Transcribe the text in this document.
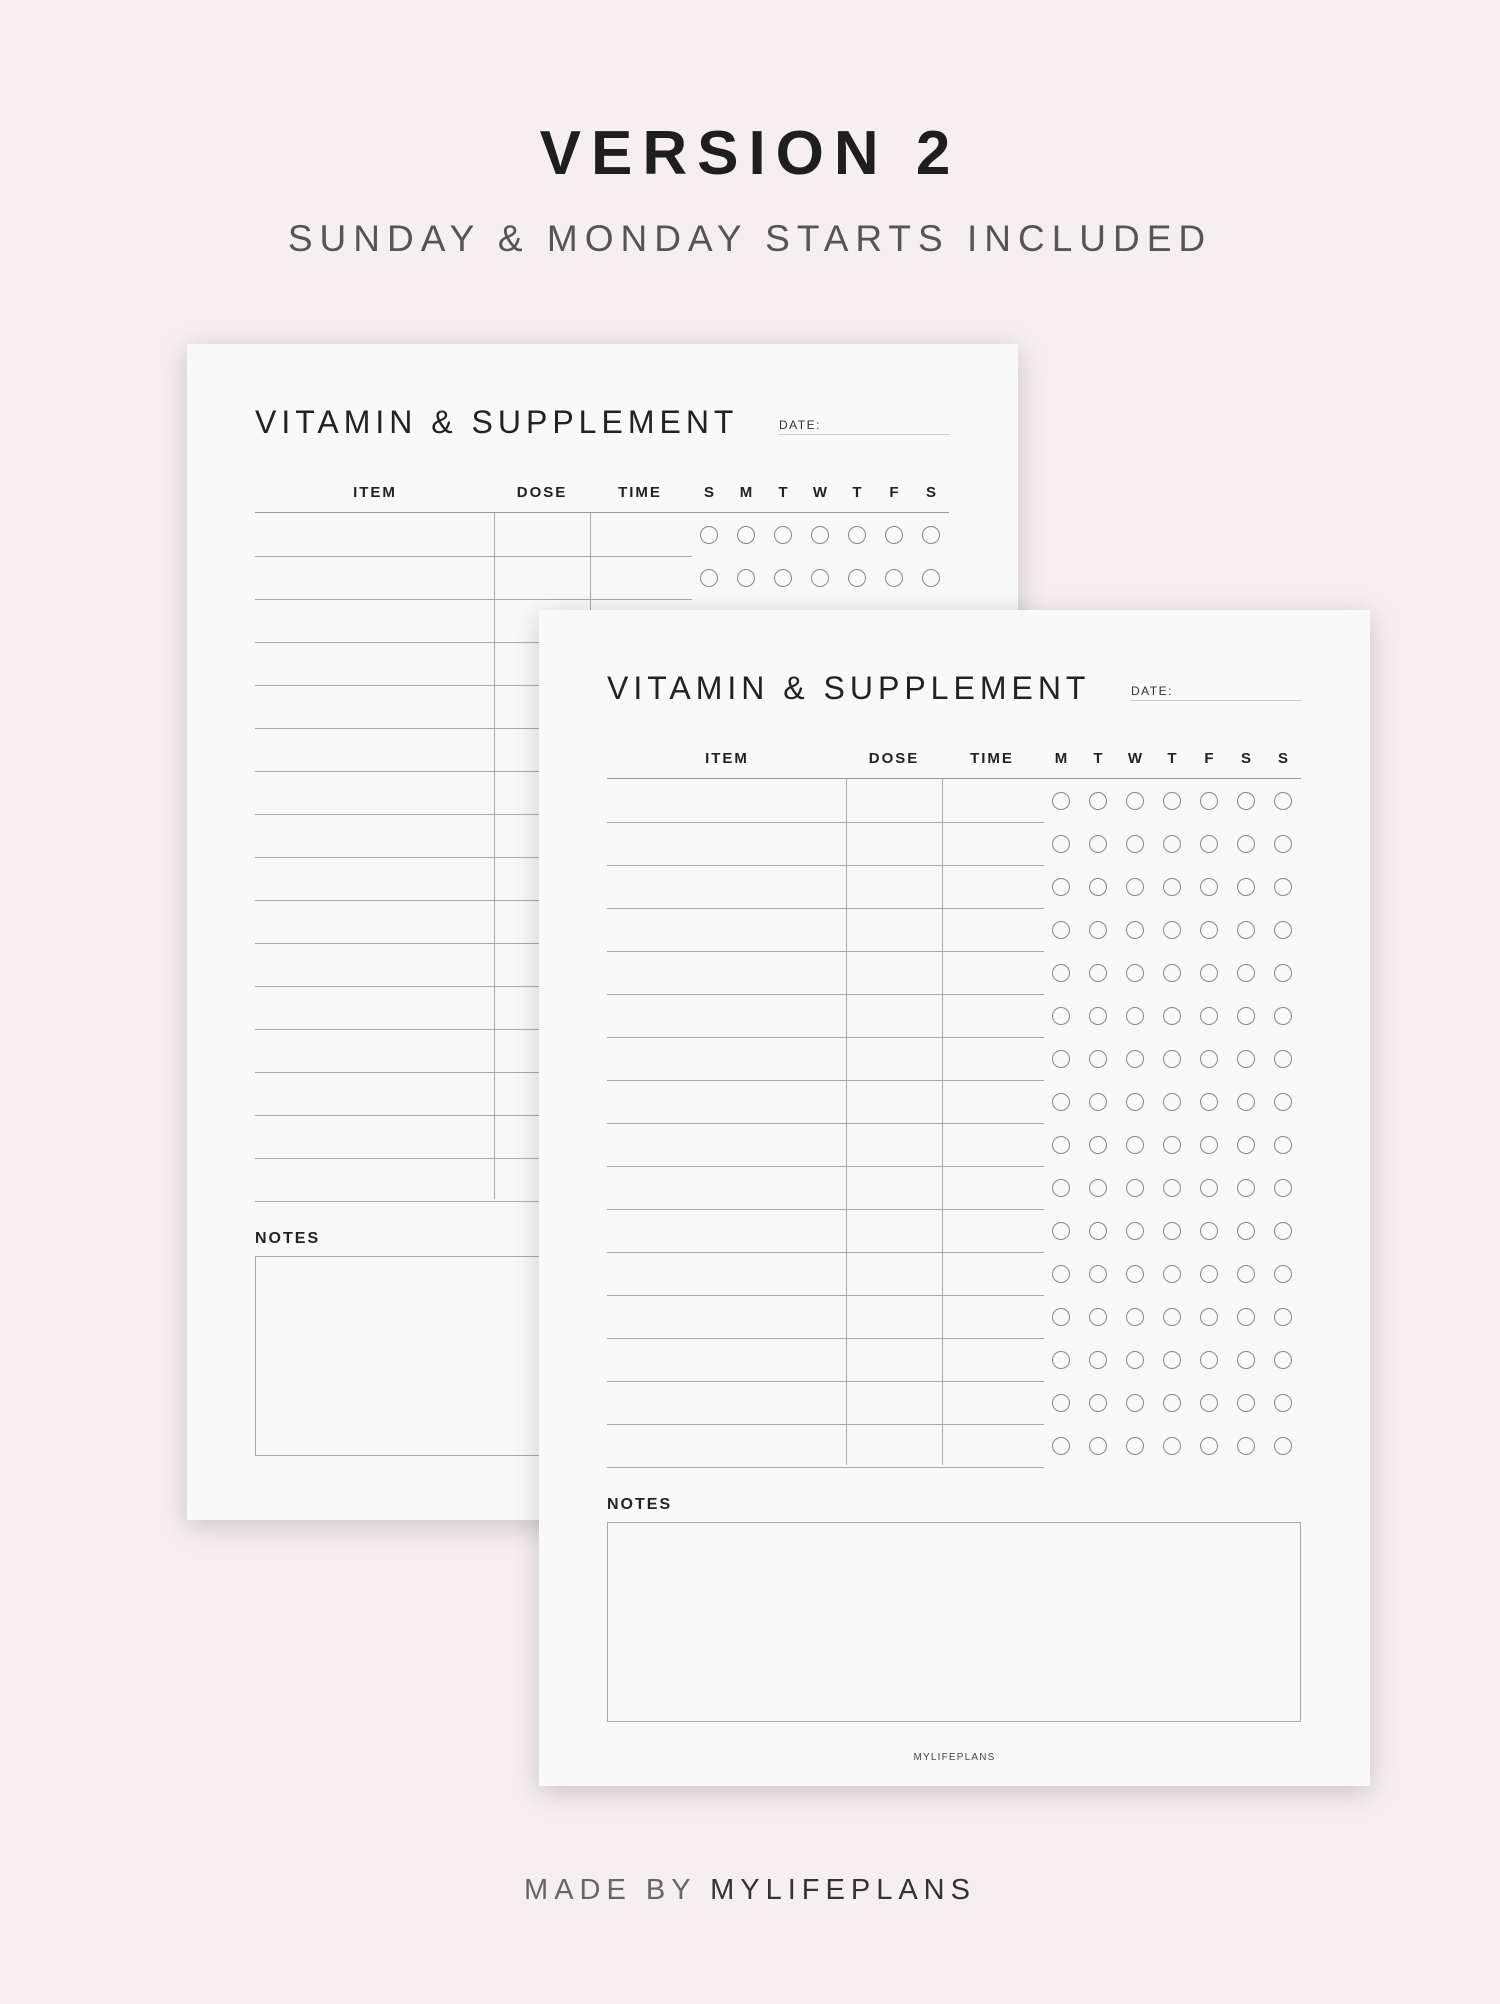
VERSION 2
SUNDAY & MONDAY STARTS INCLUDED
VITAMIN & SUPPLEMENT	DATE:
ITEM	DOSE	TIME	S	M	T	W	T	F	S
NOTES
VITAMIN & SUPPLEMENT	DATE:
ITEM	DOSE	TIME	M	T	W	T	F	S	S
NOTES
MYLIFEPLANS
MADE BY MYLIFEPLANS
